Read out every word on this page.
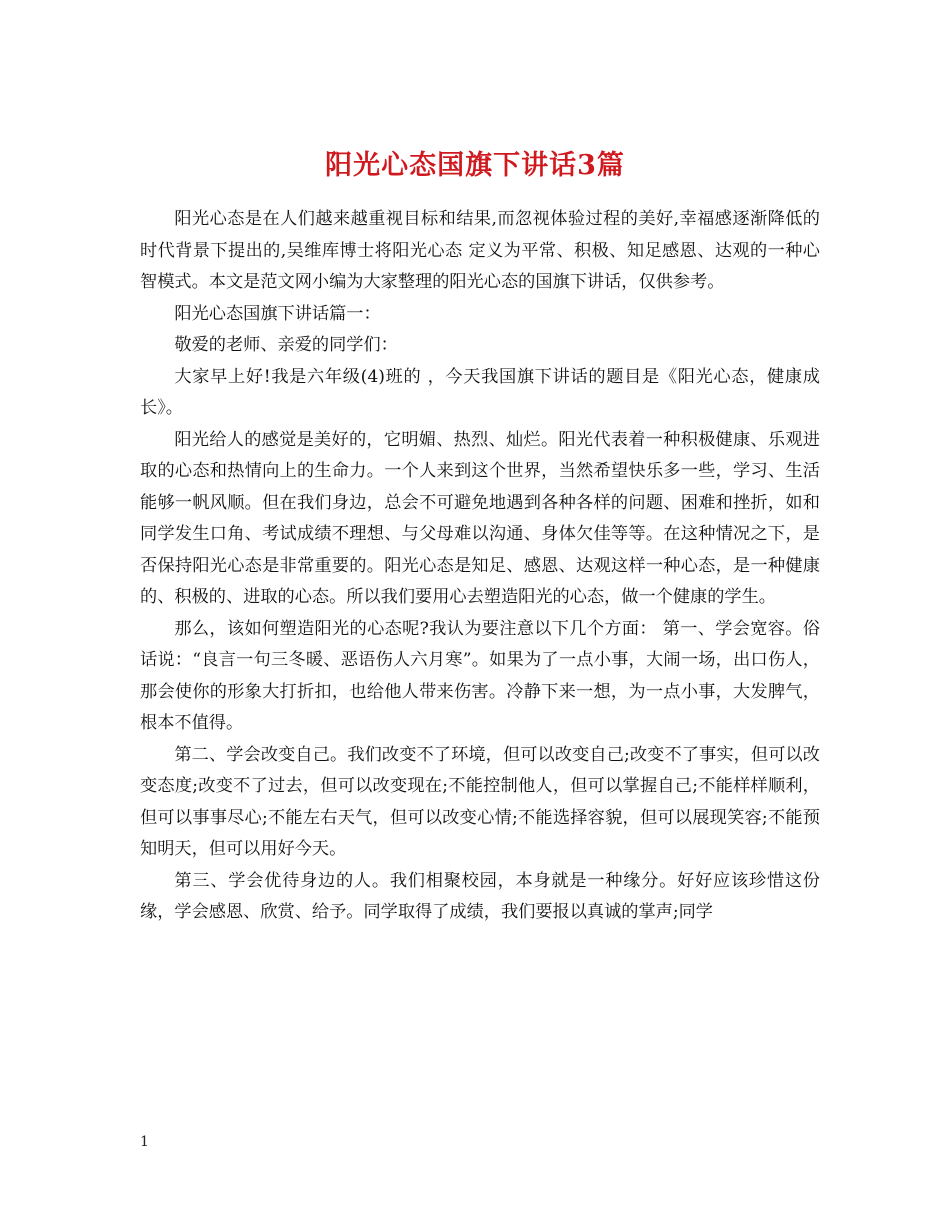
阳光心态国旗下讲话3篇

阳光心态是在人们越来越重视目标和结果,而忽视体验过程的美好,幸福感逐渐降低的时代背景下提出的,吴维库博士将阳光心态 定义为平常、积极、知足感恩、达观的一种心智模式。本文是范文网小编为大家整理的阳光心态的国旗下讲话，仅供参考。

阳光心态国旗下讲话篇一：

敬爱的老师、亲爱的同学们：

大家早上好!我是六年级(4)班的 ，今天我国旗下讲话的题目是《阳光心态，健康成长》。

阳光给人的感觉是美好的，它明媚、热烈、灿烂。阳光代表着一种积极健康、乐观进取的心态和热情向上的生命力。一个人来到这个世界，当然希望快乐多一些，学习、生活能够一帆风顺。但在我们身边，总会不可避免地遇到各种各样的问题、困难和挫折，如和同学发生口角、考试成绩不理想、与父母难以沟通、身体欠佳等等。在这种情况之下，是否保持阳光心态是非常重要的。阳光心态是知足、感恩、达观这样一种心态，是一种健康的、积极的、进取的心态。所以我们要用心去塑造阳光的心态，做一个健康的学生。

那么，该如何塑造阳光的心态呢?我认为要注意以下几个方面： 第一、学会宽容。俗话说：“良言一句三冬暖、恶语伤人六月寒”。如果为了一点小事，大闹一场，出口伤人，那会使你的形象大打折扣，也给他人带来伤害。冷静下来一想，为一点小事，大发脾气，根本不值得。

第二、学会改变自己。我们改变不了环境，但可以改变自己;改变不了事实，但可以改变态度;改变不了过去，但可以改变现在;不能控制他人，但可以掌握自己;不能样样顺利，但可以事事尽心;不能左右天气，但可以改变心情;不能选择容貌，但可以展现笑容;不能预知明天，但可以用好今天。

第三、学会优待身边的人。我们相聚校园，本身就是一种缘分。好好应该珍惜这份缘，学会感恩、欣赏、给予。同学取得了成绩，我们要报以真诚的掌声;同学

1
